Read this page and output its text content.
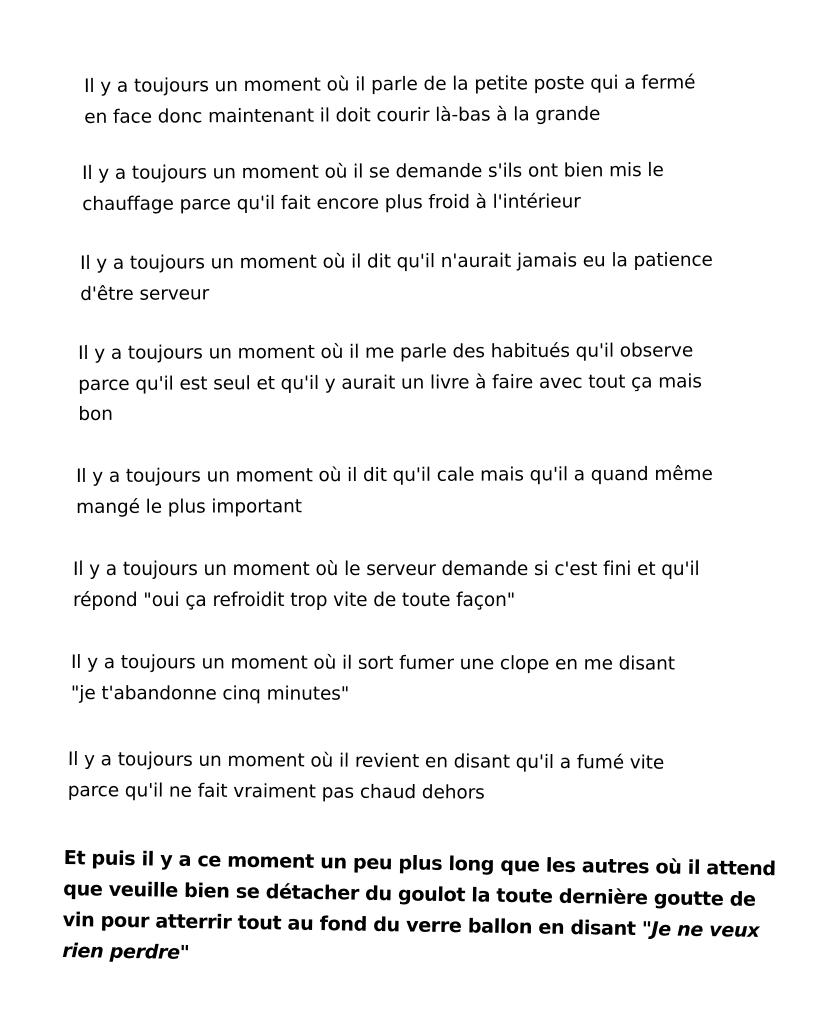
Il y a toujours un moment où il parle de la petite poste qui a fermé
en face donc maintenant il doit courir là-bas à la grande

Il y a toujours un moment où il se demande s'ils ont bien mis le
chauffage parce qu'il fait encore plus froid à l'intérieur

Il y a toujours un moment où il dit qu'il n'aurait jamais eu la patience
d'être serveur

Il y a toujours un moment où il me parle des habitués qu'il observe
parce qu'il est seul et qu'il y aurait un livre à faire avec tout ça mais
bon

Il y a toujours un moment où il dit qu'il cale mais qu'il a quand même
mangé le plus important

Il y a toujours un moment où le serveur demande si c'est fini et qu'il
répond "oui ça refroidit trop vite de toute façon"

Il y a toujours un moment où il sort fumer une clope en me disant
"je t'abandonne cinq minutes"

Il y a toujours un moment où il revient en disant qu'il a fumé vite
parce qu'il ne fait vraiment pas chaud dehors

Et puis il y a ce moment un peu plus long que les autres où il attend
que veuille bien se détacher du goulot la toute dernière goutte de
vin pour atterrir tout au fond du verre ballon en disant "Je ne veux
rien perdre"
